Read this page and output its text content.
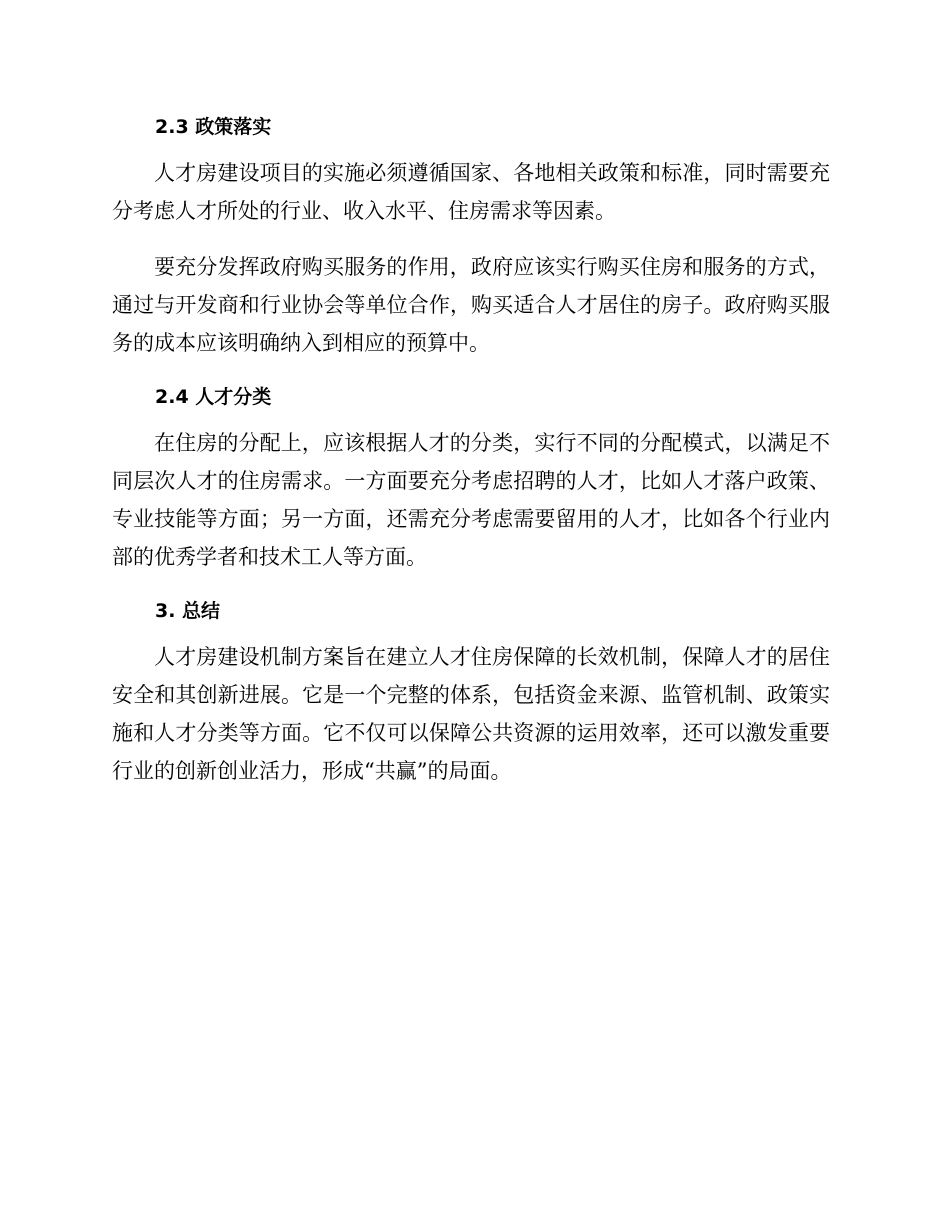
2.3 政策落实

人才房建设项目的实施必须遵循国家、各地相关政策和标准，同时需要充分考虑人才所处的行业、收入水平、住房需求等因素。

要充分发挥政府购买服务的作用，政府应该实行购买住房和服务的方式，通过与开发商和行业协会等单位合作，购买适合人才居住的房子。政府购买服务的成本应该明确纳入到相应的预算中。

2.4 人才分类

在住房的分配上，应该根据人才的分类，实行不同的分配模式，以满足不同层次人才的住房需求。一方面要充分考虑招聘的人才，比如人才落户政策、专业技能等方面；另一方面，还需充分考虑需要留用的人才，比如各个行业内部的优秀学者和技术工人等方面。

3. 总结

人才房建设机制方案旨在建立人才住房保障的长效机制，保障人才的居住安全和其创新进展。它是一个完整的体系，包括资金来源、监管机制、政策实施和人才分类等方面。它不仅可以保障公共资源的运用效率，还可以激发重要行业的创新创业活力，形成“共赢”的局面。
